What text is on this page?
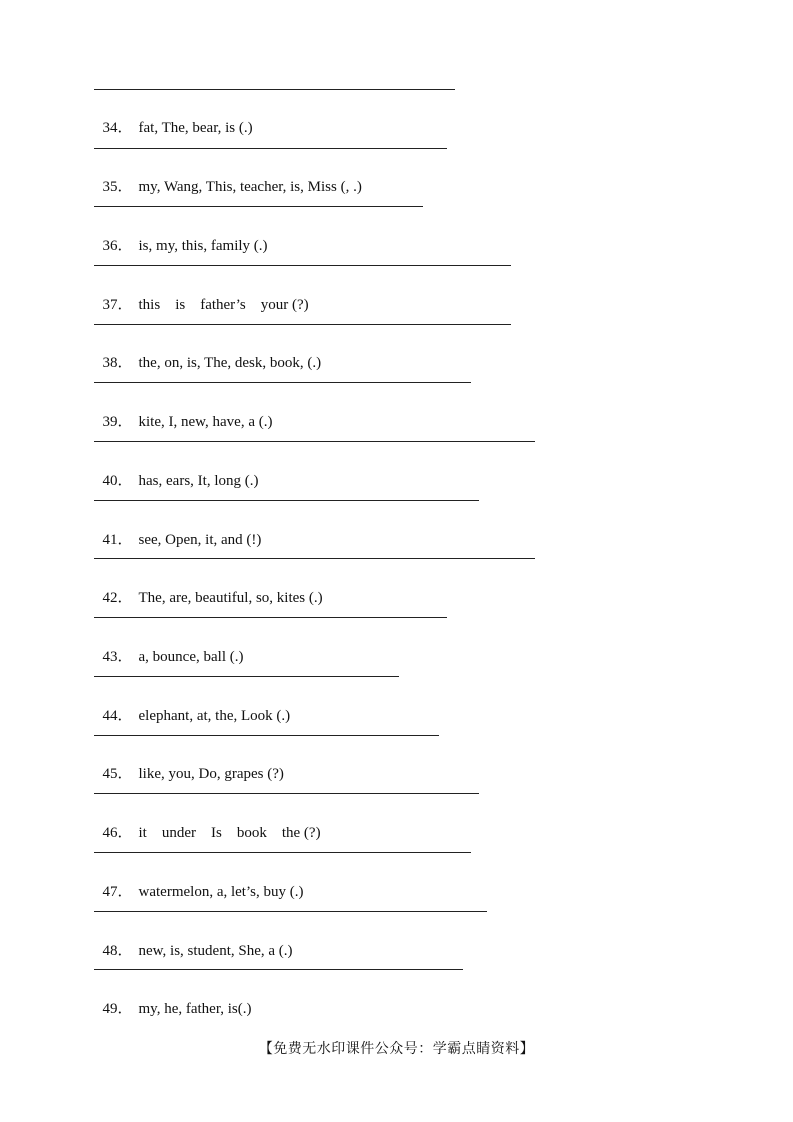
34． fat, The, bear, is (.)

35． my, Wang, This, teacher, is, Miss (, .)

36． is, my, this, family (.)

37． this    is    father’s    your (?)

38． the, on, is, The, desk, book, (.)

39． kite, I, new, have, a (.)

40． has, ears, It, long (.)

41． see, Open, it, and (!)

42． The, are, beautiful, so, kites (.)

43． a, bounce, ball (.)

44． elephant, at, the, Look (.)

45． like, you, Do, grapes (?)

46． it    under    Is    book    the (?)

47． watermelon, a, let’s, buy (.)

48． new, is, student, She, a (.)

49． my, he, father, is(.)

【免费无水印课件公众号：学霸点睛资料】
